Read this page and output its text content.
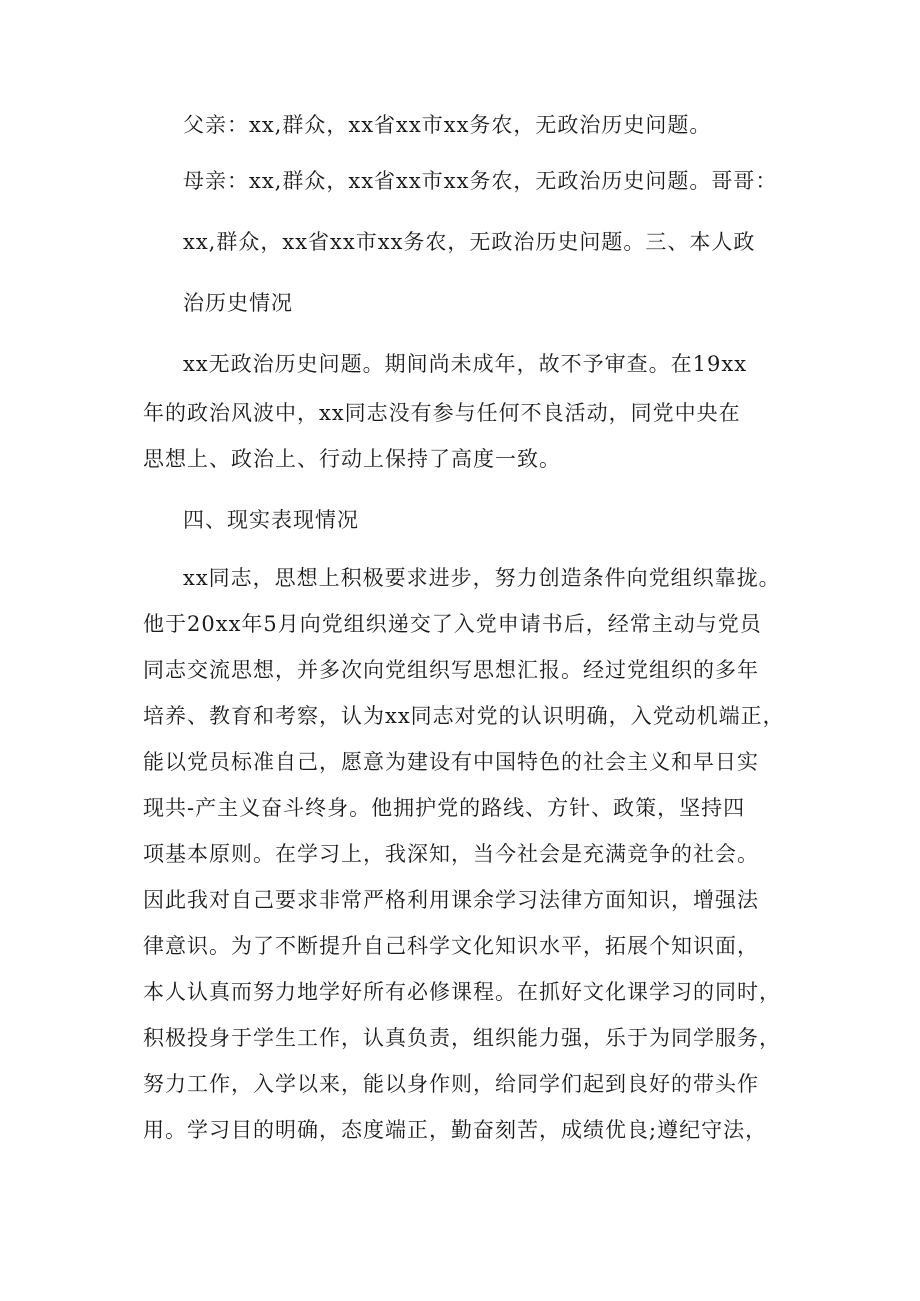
父亲：xx,群众，xx省xx市xx务农，无政治历史问题。

母亲：xx,群众，xx省xx市xx务农，无政治历史问题。哥哥：

xx,群众，xx省xx市xx务农，无政治历史问题。三、本人政

治历史情况

xx无政治历史问题。期间尚未成年，故不予审查。在19xx

年的政治风波中，xx同志没有参与任何不良活动，同党中央在

思想上、政治上、行动上保持了高度一致。

四、现实表现情况

xx同志，思想上积极要求进步，努力创造条件向党组织靠拢。

他于20xx年5月向党组织递交了入党申请书后，经常主动与党员

同志交流思想，并多次向党组织写思想汇报。经过党组织的多年

培养、教育和考察，认为xx同志对党的认识明确，入党动机端正，

能以党员标准自己，愿意为建设有中国特色的社会主义和早日实

现共-产主义奋斗终身。他拥护党的路线、方针、政策，坚持四

项基本原则。在学习上，我深知，当今社会是充满竞争的社会。

因此我对自己要求非常严格利用课余学习法律方面知识，增强法

律意识。为了不断提升自己科学文化知识水平，拓展个知识面，

本人认真而努力地学好所有必修课程。在抓好文化课学习的同时，

积极投身于学生工作，认真负责，组织能力强，乐于为同学服务，

努力工作，入学以来，能以身作则，给同学们起到良好的带头作

用。学习目的明确，态度端正，勤奋刻苦，成绩优良;遵纪守法，
